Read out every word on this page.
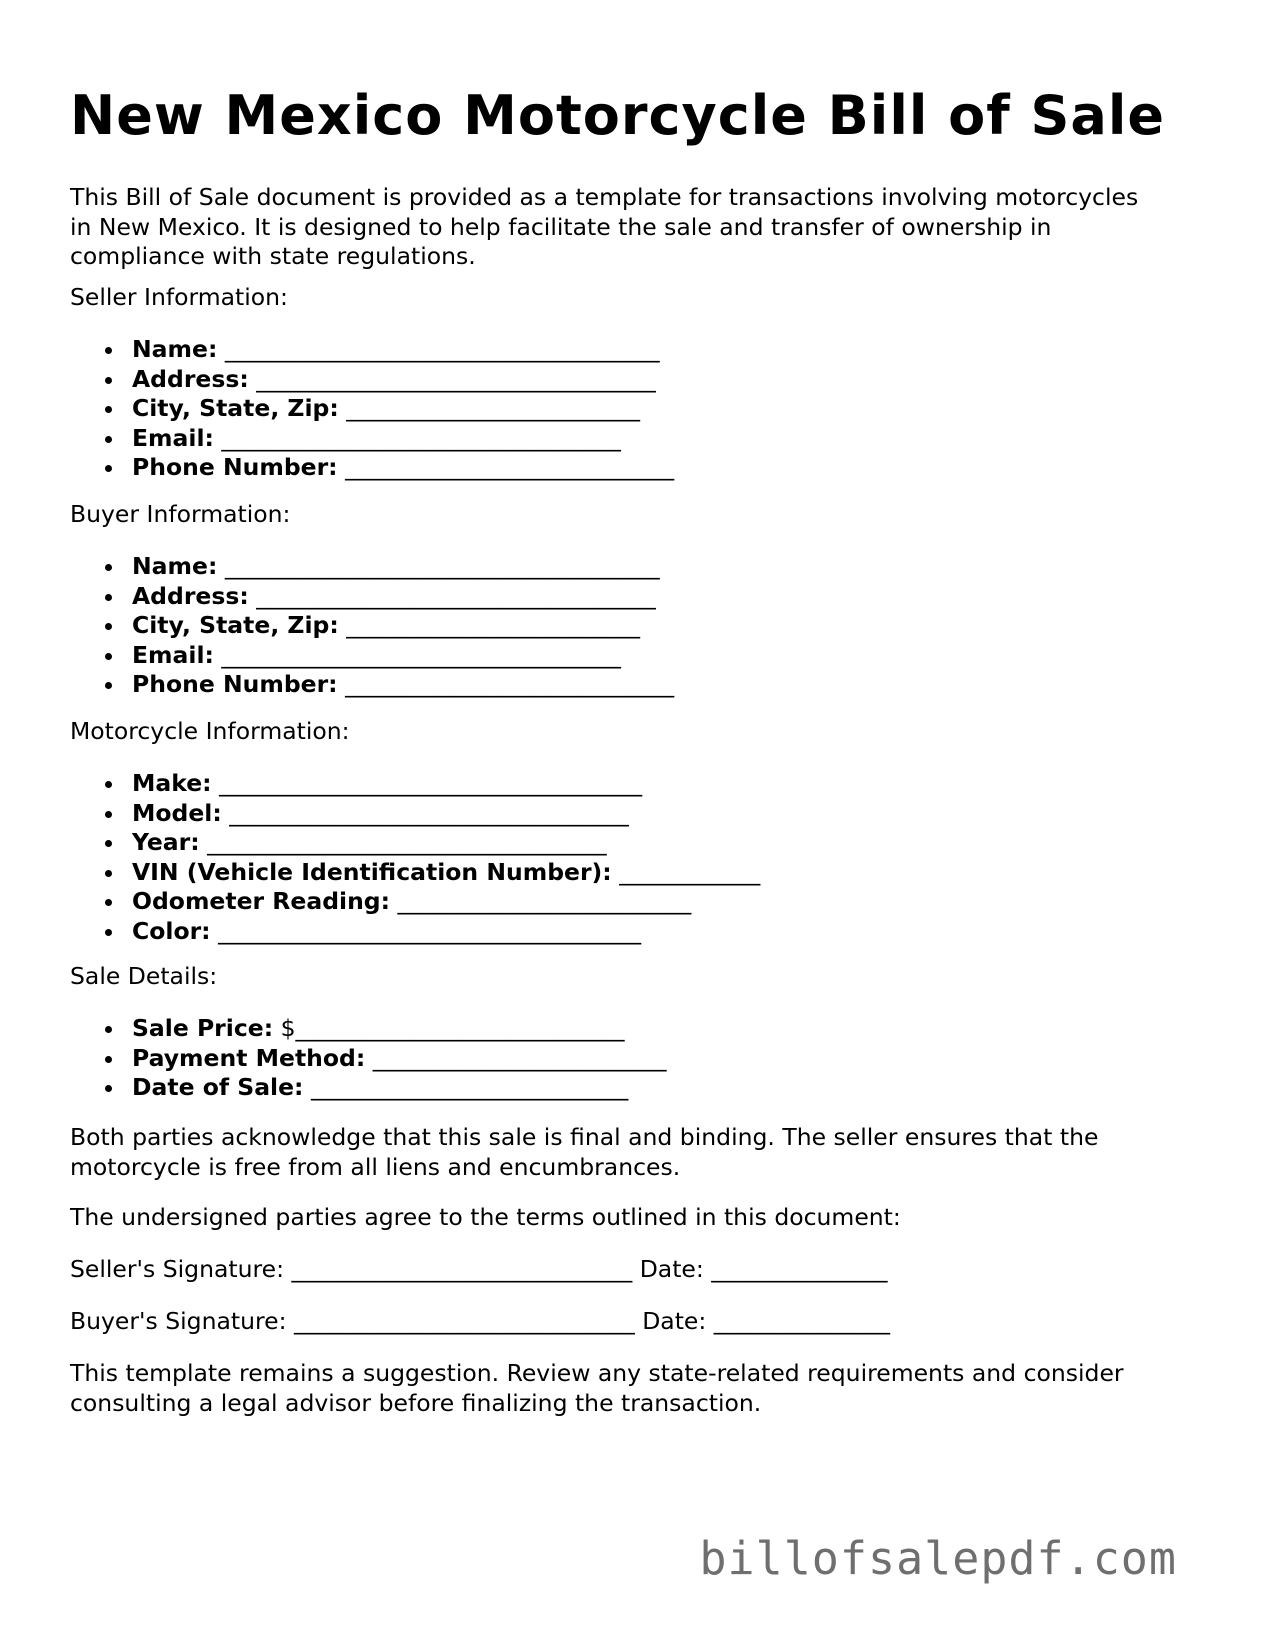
New Mexico Motorcycle Bill of Sale
This Bill of Sale document is provided as a template for transactions involving motorcycles
in New Mexico. It is designed to help facilitate the sale and transfer of ownership in
compliance with state regulations.
Seller Information:
Name: _____________________________________
Address: __________________________________
City, State, Zip: _________________________
Email: __________________________________
Phone Number: ____________________________
Buyer Information:
Name: _____________________________________
Address: __________________________________
City, State, Zip: _________________________
Email: __________________________________
Phone Number: ____________________________
Motorcycle Information:
Make: ____________________________________
Model: __________________________________
Year: __________________________________
VIN (Vehicle Identification Number): ____________
Odometer Reading: _________________________
Color: ____________________________________
Sale Details:
Sale Price: $____________________________
Payment Method: _________________________
Date of Sale: ___________________________
Both parties acknowledge that this sale is final and binding. The seller ensures that the
motorcycle is free from all liens and encumbrances.
The undersigned parties agree to the terms outlined in this document:
Seller's Signature: _____________________________ Date: _______________
Buyer's Signature: _____________________________ Date: _______________
This template remains a suggestion. Review any state-related requirements and consider
consulting a legal advisor before finalizing the transaction.
billofsalepdf.com
